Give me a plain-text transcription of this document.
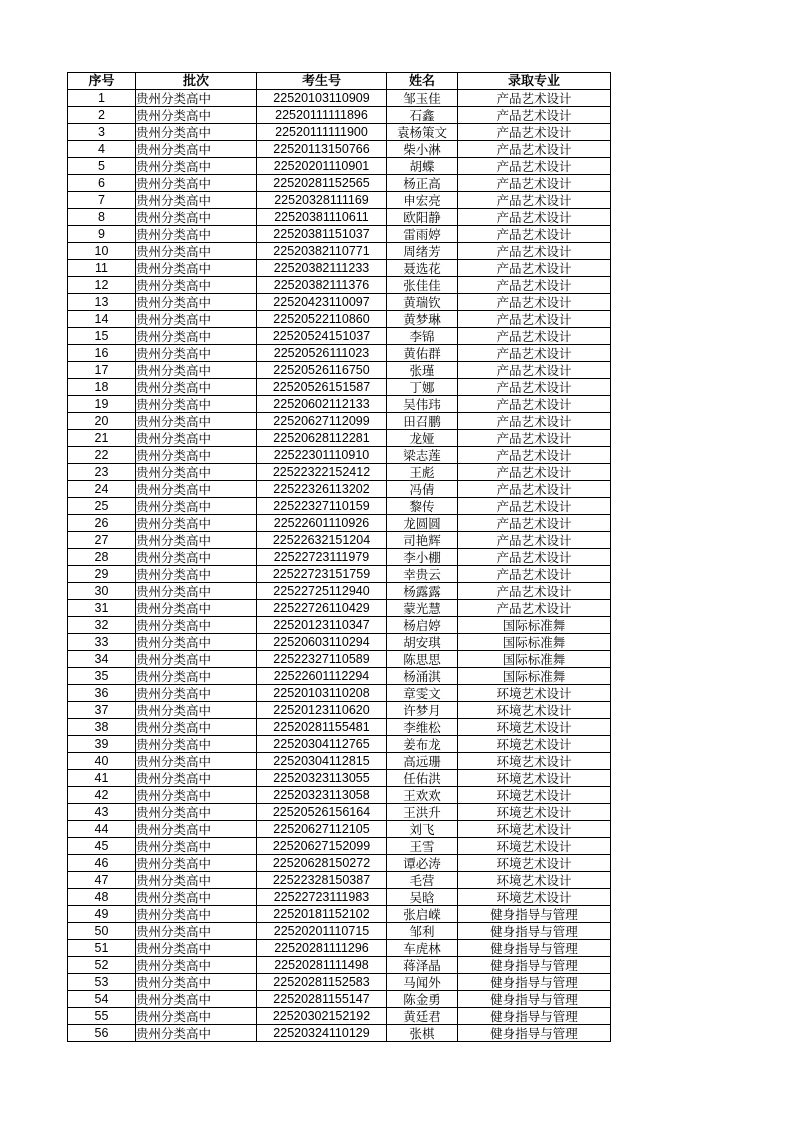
序号	批次	考生号	姓名	录取专业
1	贵州分类高中	22520103110909	邹玉佳	产品艺术设计
2	贵州分类高中	22520111111896	石鑫	产品艺术设计
3	贵州分类高中	22520111111900	袁杨策文	产品艺术设计
4	贵州分类高中	22520113150766	柴小淋	产品艺术设计
5	贵州分类高中	22520201110901	胡蝶	产品艺术设计
6	贵州分类高中	22520281152565	杨正高	产品艺术设计
7	贵州分类高中	22520328111169	申宏亮	产品艺术设计
8	贵州分类高中	22520381110611	欧阳静	产品艺术设计
9	贵州分类高中	22520381151037	雷雨婷	产品艺术设计
10	贵州分类高中	22520382110771	周绪芳	产品艺术设计
11	贵州分类高中	22520382111233	聂选花	产品艺术设计
12	贵州分类高中	22520382111376	张佳佳	产品艺术设计
13	贵州分类高中	22520423110097	黄瑞钦	产品艺术设计
14	贵州分类高中	22520522110860	黄梦琳	产品艺术设计
15	贵州分类高中	22520524151037	李锦	产品艺术设计
16	贵州分类高中	22520526111023	黄佑群	产品艺术设计
17	贵州分类高中	22520526116750	张瑾	产品艺术设计
18	贵州分类高中	22520526151587	丁娜	产品艺术设计
19	贵州分类高中	22520602112133	吴伟玮	产品艺术设计
20	贵州分类高中	22520627112099	田召鹏	产品艺术设计
21	贵州分类高中	22520628112281	龙娅	产品艺术设计
22	贵州分类高中	22522301110910	梁志莲	产品艺术设计
23	贵州分类高中	22522322152412	王彪	产品艺术设计
24	贵州分类高中	22522326113202	冯倩	产品艺术设计
25	贵州分类高中	22522327110159	黎传	产品艺术设计
26	贵州分类高中	22522601110926	龙圆圆	产品艺术设计
27	贵州分类高中	22522632151204	司艳辉	产品艺术设计
28	贵州分类高中	22522723111979	李小棚	产品艺术设计
29	贵州分类高中	22522723151759	幸贵云	产品艺术设计
30	贵州分类高中	22522725112940	杨露露	产品艺术设计
31	贵州分类高中	22522726110429	蒙光慧	产品艺术设计
32	贵州分类高中	22520123110347	杨启婷	国际标准舞
33	贵州分类高中	22520603110294	胡安琪	国际标准舞
34	贵州分类高中	22522327110589	陈思思	国际标准舞
35	贵州分类高中	22522601112294	杨涌淇	国际标准舞
36	贵州分类高中	22520103110208	章雯文	环境艺术设计
37	贵州分类高中	22520123110620	许梦月	环境艺术设计
38	贵州分类高中	22520281155481	李维松	环境艺术设计
39	贵州分类高中	22520304112765	姜布龙	环境艺术设计
40	贵州分类高中	22520304112815	高远珊	环境艺术设计
41	贵州分类高中	22520323113055	任佑洪	环境艺术设计
42	贵州分类高中	22520323113058	王欢欢	环境艺术设计
43	贵州分类高中	22520526156164	王洪升	环境艺术设计
44	贵州分类高中	22520627112105	刘飞	环境艺术设计
45	贵州分类高中	22520627152099	王雪	环境艺术设计
46	贵州分类高中	22520628150272	谭必涛	环境艺术设计
47	贵州分类高中	22522328150387	毛营	环境艺术设计
48	贵州分类高中	22522723111983	吴晗	环境艺术设计
49	贵州分类高中	22520181152102	张启嵘	健身指导与管理
50	贵州分类高中	22520201110715	邹利	健身指导与管理
51	贵州分类高中	22520281111296	车虎林	健身指导与管理
52	贵州分类高中	22520281111498	蒋泽晶	健身指导与管理
53	贵州分类高中	22520281152583	马闻外	健身指导与管理
54	贵州分类高中	22520281155147	陈金勇	健身指导与管理
55	贵州分类高中	22520302152192	黄廷君	健身指导与管理
56	贵州分类高中	22520324110129	张棋	健身指导与管理
